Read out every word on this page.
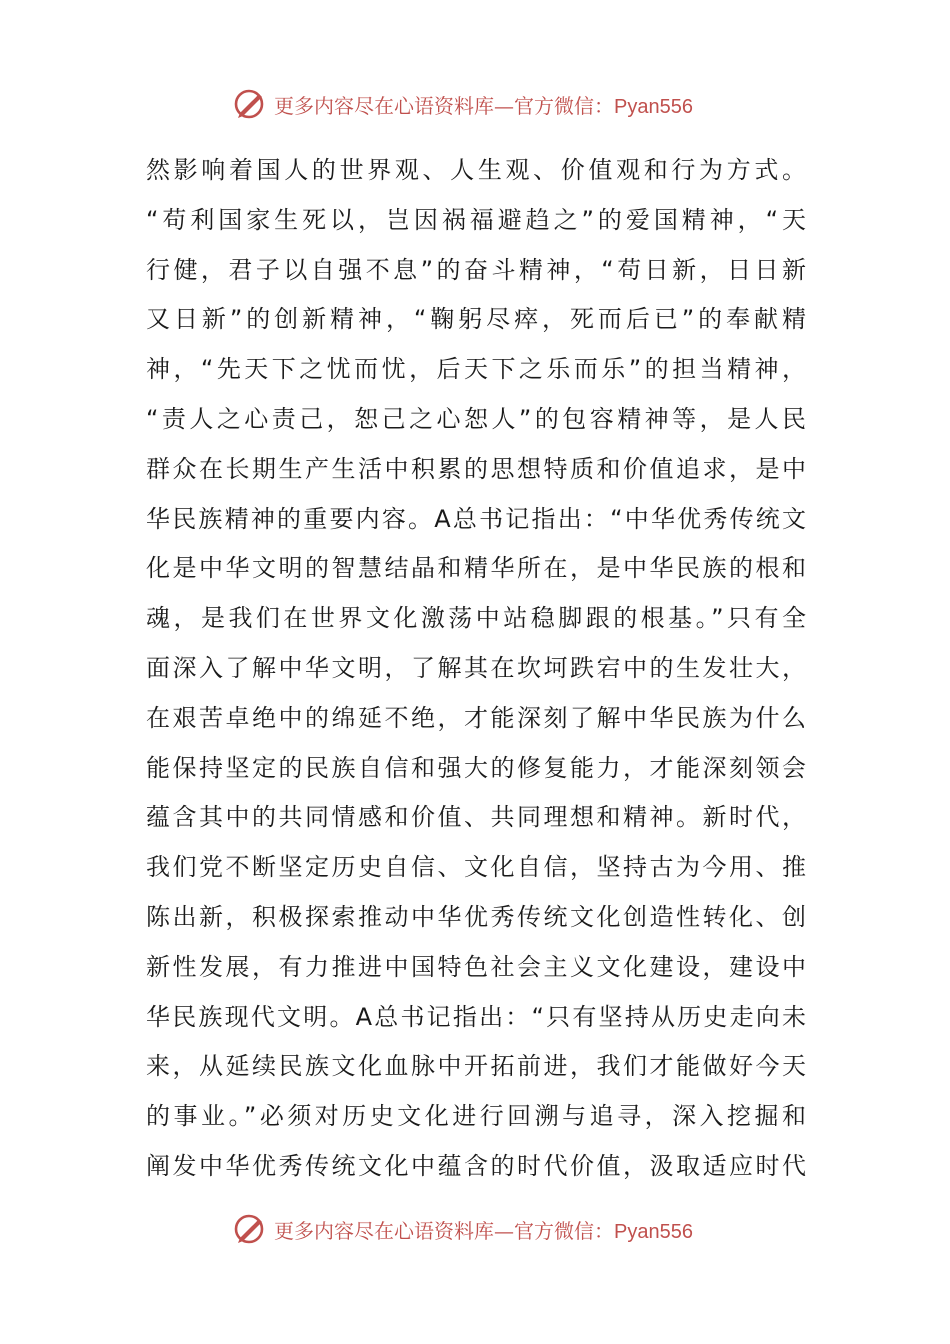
更多内容尽在心语资料库—官方微信：Pyan556
然影响着国人的世界观、人生观、价值观和行为方式。
“苟利国家生死以，岂因祸福避趋之”的爱国精神，“天
行健，君子以自强不息”的奋斗精神，“苟日新，日日新
又日新”的创新精神，“鞠躬尽瘁，死而后已”的奉献精
神，“先天下之忧而忧，后天下之乐而乐”的担当精神，
“责人之心责己，恕己之心恕人”的包容精神等，是人民
群众在长期生产生活中积累的思想特质和价值追求，是中
华民族精神的重要内容。A总书记指出：“中华优秀传统文
化是中华文明的智慧结晶和精华所在，是中华民族的根和
魂，是我们在世界文化激荡中站稳脚跟的根基。”只有全
面深入了解中华文明，了解其在坎坷跌宕中的生发壮大，
在艰苦卓绝中的绵延不绝，才能深刻了解中华民族为什么
能保持坚定的民族自信和强大的修复能力，才能深刻领会
蕴含其中的共同情感和价值、共同理想和精神。新时代，
我们党不断坚定历史自信、文化自信，坚持古为今用、推
陈出新，积极探索推动中华优秀传统文化创造性转化、创
新性发展，有力推进中国特色社会主义文化建设，建设中
华民族现代文明。A总书记指出：“只有坚持从历史走向未
来，从延续民族文化血脉中开拓前进，我们才能做好今天
的事业。”必须对历史文化进行回溯与追寻，深入挖掘和
阐发中华优秀传统文化中蕴含的时代价值，汲取适应时代
更多内容尽在心语资料库—官方微信：Pyan556
